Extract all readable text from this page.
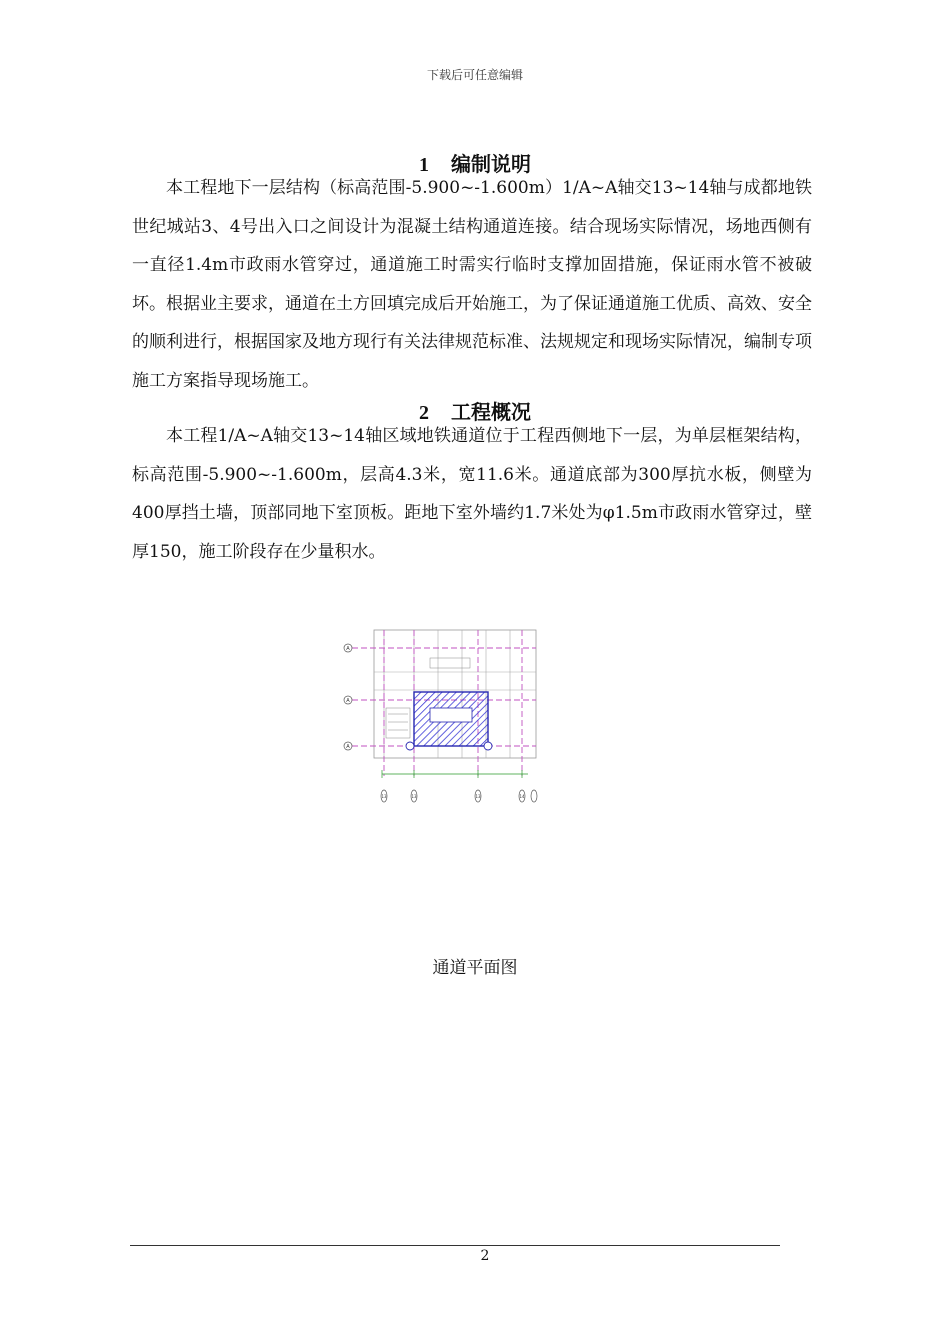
下载后可任意编辑
1 编制说明

本工程地下一层结构（标高范围-5.900~-1.600m）1/A~A轴交13~14轴与成都地铁世纪城站3、4号出入口之间设计为混凝土结构通道连接。结合现场实际情况，场地西侧有一直径1.4m市政雨水管穿过，通道施工时需实行临时支撑加固措施，保证雨水管不被破坏。根据业主要求，通道在土方回填完成后开始施工，为了保证通道施工优质、高效、安全的顺利进行，根据国家及地方现行有关法律规范标准、法规规定和现场实际情况，编制专项施工方案指导现场施工。

2 工程概况

本工程1/A~A轴交13~14轴区域地铁通道位于工程西侧地下一层，为单层框架结构，标高范围-5.900~-1.600m，层高4.3米，宽11.6米。通道底部为300厚抗水板，侧壁为400厚挡土墙，顶部同地下室顶板。距地下室外墙约1.7米处为φ1.5m市政雨水管穿过，壁厚150，施工阶段存在少量积水。

A
A
A
13	13	13	14
通道平面图
2
